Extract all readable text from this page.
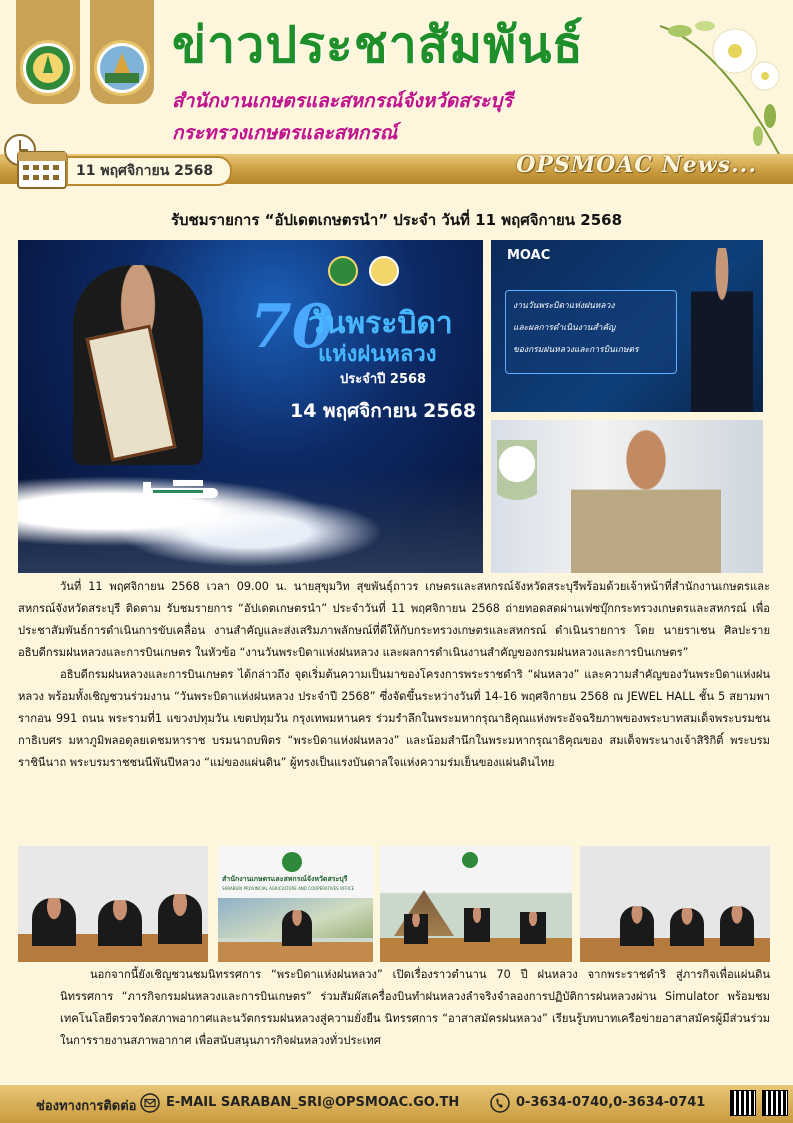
ข่าวประชาสัมพันธ์
สำนักงานเกษตรและสหกรณ์จังหวัดสระบุรี
กระทรวงเกษตรและสหกรณ์
11 พฤศจิกายน 2568	OPSMOAC News...
รับชมรายการ “อัปเดตเกษตรนำ” ประจำ วันที่ 11 พฤศจิกายน 2568

70
วันพระบิดา
แห่งฝนหลวง
ประจำปี 2568
14 พฤศจิกายน 2568
MOAC
งานวันพระบิดาแห่งฝนหลวง
และผลการดำเนินงานสำคัญ
ของกรมฝนหลวงและการบินเกษตร

วันที่ 11 พฤศจิกายน 2568 เวลา 09.00 น. นายสุขุมวิท สุขพันธุ์ถาวร เกษตรและสหกรณ์จังหวัดสระบุรีพร้อมด้วยเจ้าหน้าที่สำนักงานเกษตรและสหกรณ์จังหวัดสระบุรี ติดตาม รับชมรายการ “อัปเดตเกษตรนำ” ประจำวันที่ 11 พฤศจิกายน 2568 ถ่ายทอดสดผ่านเฟซบุ๊กกระทรวงเกษตรและสหกรณ์ เพื่อประชาสัมพันธ์การดำเนินการขับเคลื่อน งานสำคัญและส่งเสริมภาพลักษณ์ที่ดีให้กับกระทรวงเกษตรและสหกรณ์ ดำเนินรายการ โดย นายราเชน ศิลปะราย อธิบดีกรมฝนหลวงและการบินเกษตร ในหัวข้อ “งานวันพระบิดาแห่งฝนหลวง และผลการดำเนินงานสำคัญของกรมฝนหลวงและการบินเกษตร”

อธิบดีกรมฝนหลวงและการบินเกษตร ได้กล่าวถึง จุดเริ่มต้นความเป็นมาของโครงการพระราชดำริ “ฝนหลวง” และความสำคัญของวันพระบิดาแห่งฝนหลวง พร้อมทั้งเชิญชวนร่วมงาน “วันพระบิดาแห่งฝนหลวง ประจำปี 2568” ซึ่งจัดขึ้นระหว่างวันที่ 14-16 พฤศจิกายน 2568 ณ JEWEL HALL ชั้น 5 สยามพารากอน 991 ถนน พระรามที่1 แขวงปทุมวัน เขตปทุมวัน กรุงเทพมหานคร ร่วมรำลึกในพระมหากรุณาธิคุณแห่งพระอัจฉริยภาพของพระบาทสมเด็จพระบรมชนกาธิเบศร มหาภูมิพลอดุลยเดชมหาราช บรมนาถบพิตร “พระบิดาแห่งฝนหลวง” และน้อมสำนึกในพระมหากรุณาธิคุณของ สมเด็จพระนางเจ้าสิริกิติ์ พระบรมราชินีนาถ พระบรมราชชนนีพันปีหลวง “แม่ของแผ่นดิน” ผู้ทรงเป็นแรงบันดาลใจแห่งความร่มเย็นของแผ่นดินไทย

สำนักงานเกษตรและสหกรณ์จังหวัดสระบุรี
SARABURI PROVINCIAL AGRICULTURE AND COOPERATIVES OFFICE

นอกจากนี้ยังเชิญชวนชมนิทรรศการ “พระบิดาแห่งฝนหลวง” เปิดเรื่องราวตำนาน 70 ปี ฝนหลวง จากพระราชดำริ สู่ภารกิจเพื่อแผ่นดิน นิทรรศการ “ภารกิจกรมฝนหลวงและการบินเกษตร” ร่วมสัมผัสเครื่องบินทำฝนหลวงลำจริงจำลองการปฏิบัติการฝนหลวงผ่าน Simulator พร้อมชมเทคโนโลยีตรวจวัดสภาพอากาศและนวัตกรรมฝนหลวงสู่ความยั่งยืน นิทรรศการ “อาสาสมัครฝนหลวง” เรียนรู้บทบาทเครือข่ายอาสาสมัครผู้มีส่วนร่วมในการรายงานสภาพอากาศ เพื่อสนับสนุนภารกิจฝนหลวงทั่วประเทศ

ช่องทางการติดต่อ E-MAIL SARABAN_SRI@OPSMOAC.GO.TH	0-3634-0740,0-3634-0741
